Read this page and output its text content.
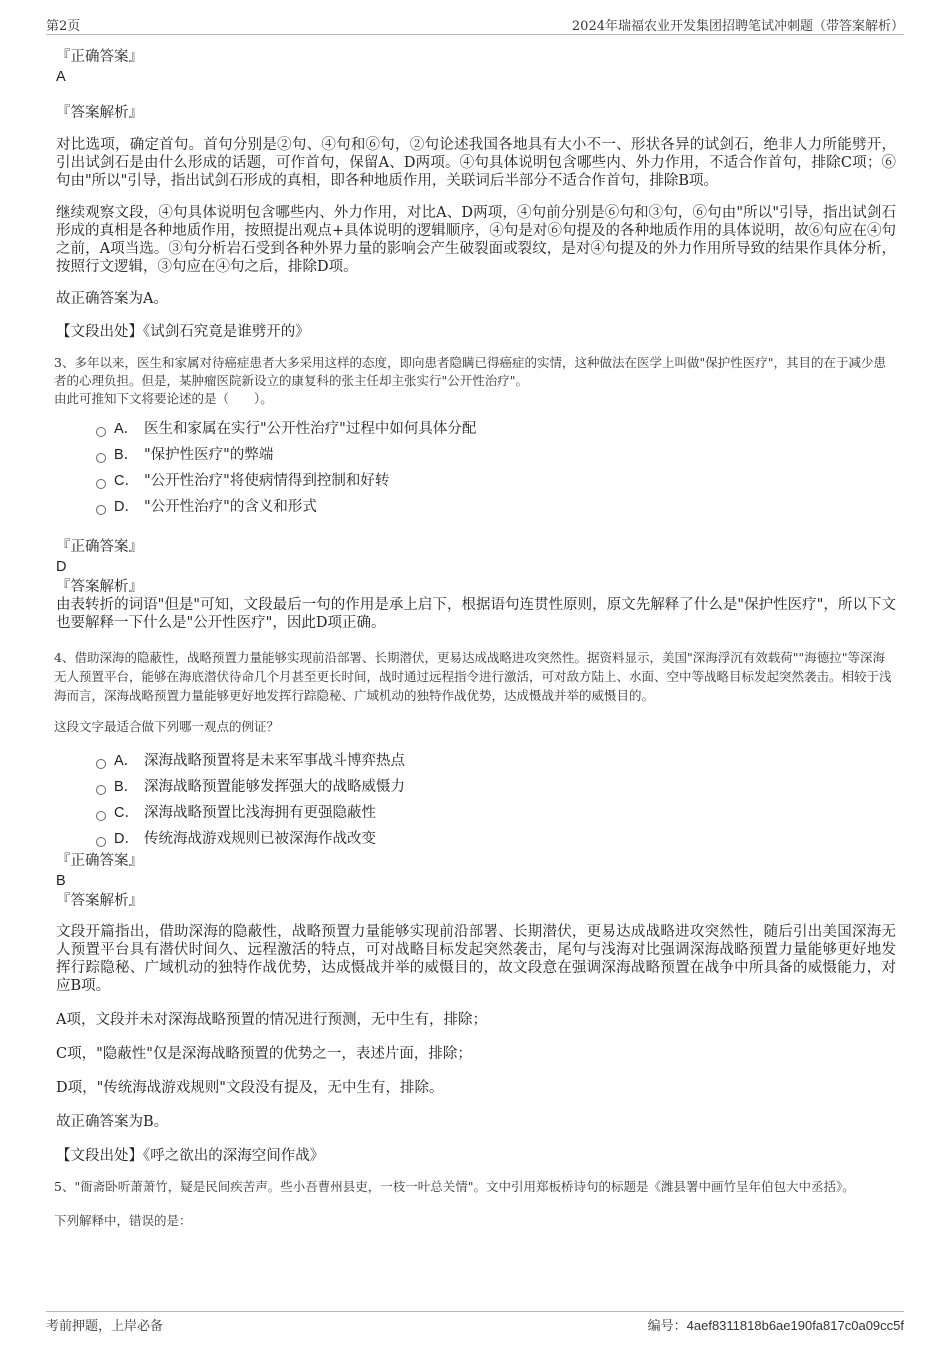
第2页	2024年瑞福农业开发集团招聘笔试冲刺题（带答案解析）
『正确答案』
A
『答案解析』
对比选项，确定首句。首句分别是②句、④句和⑥句，②句论述我国各地具有大小不一、形状各异的试剑石，绝非人力所能劈开，引出试剑石是由什么形成的话题，可作首句，保留A、D两项。④句具体说明包含哪些内、外力作用，不适合作首句，排除C项；⑥句由"所以"引导，指出试剑石形成的真相，即各种地质作用，关联词后半部分不适合作首句，排除B项。
继续观察文段，④句具体说明包含哪些内、外力作用，对比A、D两项，④句前分别是⑥句和③句，⑥句由"所以"引导，指出试剑石形成的真相是各种地质作用，按照提出观点+具体说明的逻辑顺序，④句是对⑥句提及的各种地质作用的具体说明，故⑥句应在④句之前，A项当选。③句分析岩石受到各种外界力量的影响会产生破裂面或裂纹，是对④句提及的外力作用所导致的结果作具体分析，按照行文逻辑，③句应在④句之后，排除D项。
故正确答案为A。
【文段出处】《试剑石究竟是谁劈开的》
3、多年以来，医生和家属对待癌症患者大多采用这样的态度，即向患者隐瞒已得癌症的实情，这种做法在医学上叫做"保护性医疗"，其目的在于减少患者的心理负担。但是，某肿瘤医院新设立的康复科的张主任却主张实行"公开性治疗"。
由此可推知下文将要论述的是（　　）。
A． 医生和家属在实行"公开性治疗"过程中如何具体分配
B． "保护性医疗"的弊端
C． "公开性治疗"将使病情得到控制和好转
D． "公开性治疗"的含义和形式
『正确答案』
D
『答案解析』
由表转折的词语"但是"可知，文段最后一句的作用是承上启下，根据语句连贯性原则，原文先解释了什么是"保护性医疗"，所以下文也要解释一下什么是"公开性医疗"，因此D项正确。
4、借助深海的隐蔽性，战略预置力量能够实现前沿部署、长期潜伏，更易达成战略进攻突然性。据资料显示，美国"深海浮沉有效载荷""海德拉"等深海无人预置平台，能够在海底潜伏待命几个月甚至更长时间，战时通过远程指令进行激活，可对敌方陆上、水面、空中等战略目标发起突然袭击。相较于浅海而言，深海战略预置力量能够更好地发挥行踪隐秘、广域机动的独特作战优势，达成慑战并举的威慑目的。
这段文字最适合做下列哪一观点的例证？
A． 深海战略预置将是未来军事战斗博弈热点
B． 深海战略预置能够发挥强大的战略威慑力
C． 深海战略预置比浅海拥有更强隐蔽性
D． 传统海战游戏规则已被深海作战改变
『正确答案』
B
『答案解析』
文段开篇指出，借助深海的隐蔽性，战略预置力量能够实现前沿部署、长期潜伏，更易达成战略进攻突然性，随后引出美国深海无人预置平台具有潜伏时间久、远程激活的特点，可对战略目标发起突然袭击，尾句与浅海对比强调深海战略预置力量能够更好地发挥行踪隐秘、广域机动的独特作战优势，达成慑战并举的威慑目的，故文段意在强调深海战略预置在战争中所具备的威慑能力，对应B项。
A项，文段并未对深海战略预置的情况进行预测，无中生有，排除；
C项，"隐蔽性"仅是深海战略预置的优势之一，表述片面，排除；
D项，"传统海战游戏规则"文段没有提及，无中生有，排除。
故正确答案为B。
【文段出处】《呼之欲出的深海空间作战》
5、"衙斋卧听萧萧竹，疑是民间疾苦声。些小吾曹州县吏，一枝一叶总关情"。文中引用郑板桥诗句的标题是《潍县署中画竹呈年伯包大中丞括》。
下列解释中，错误的是：
考前押题，上岸必备	编号：4aef8311818b6ae190fa817c0a09cc5f
